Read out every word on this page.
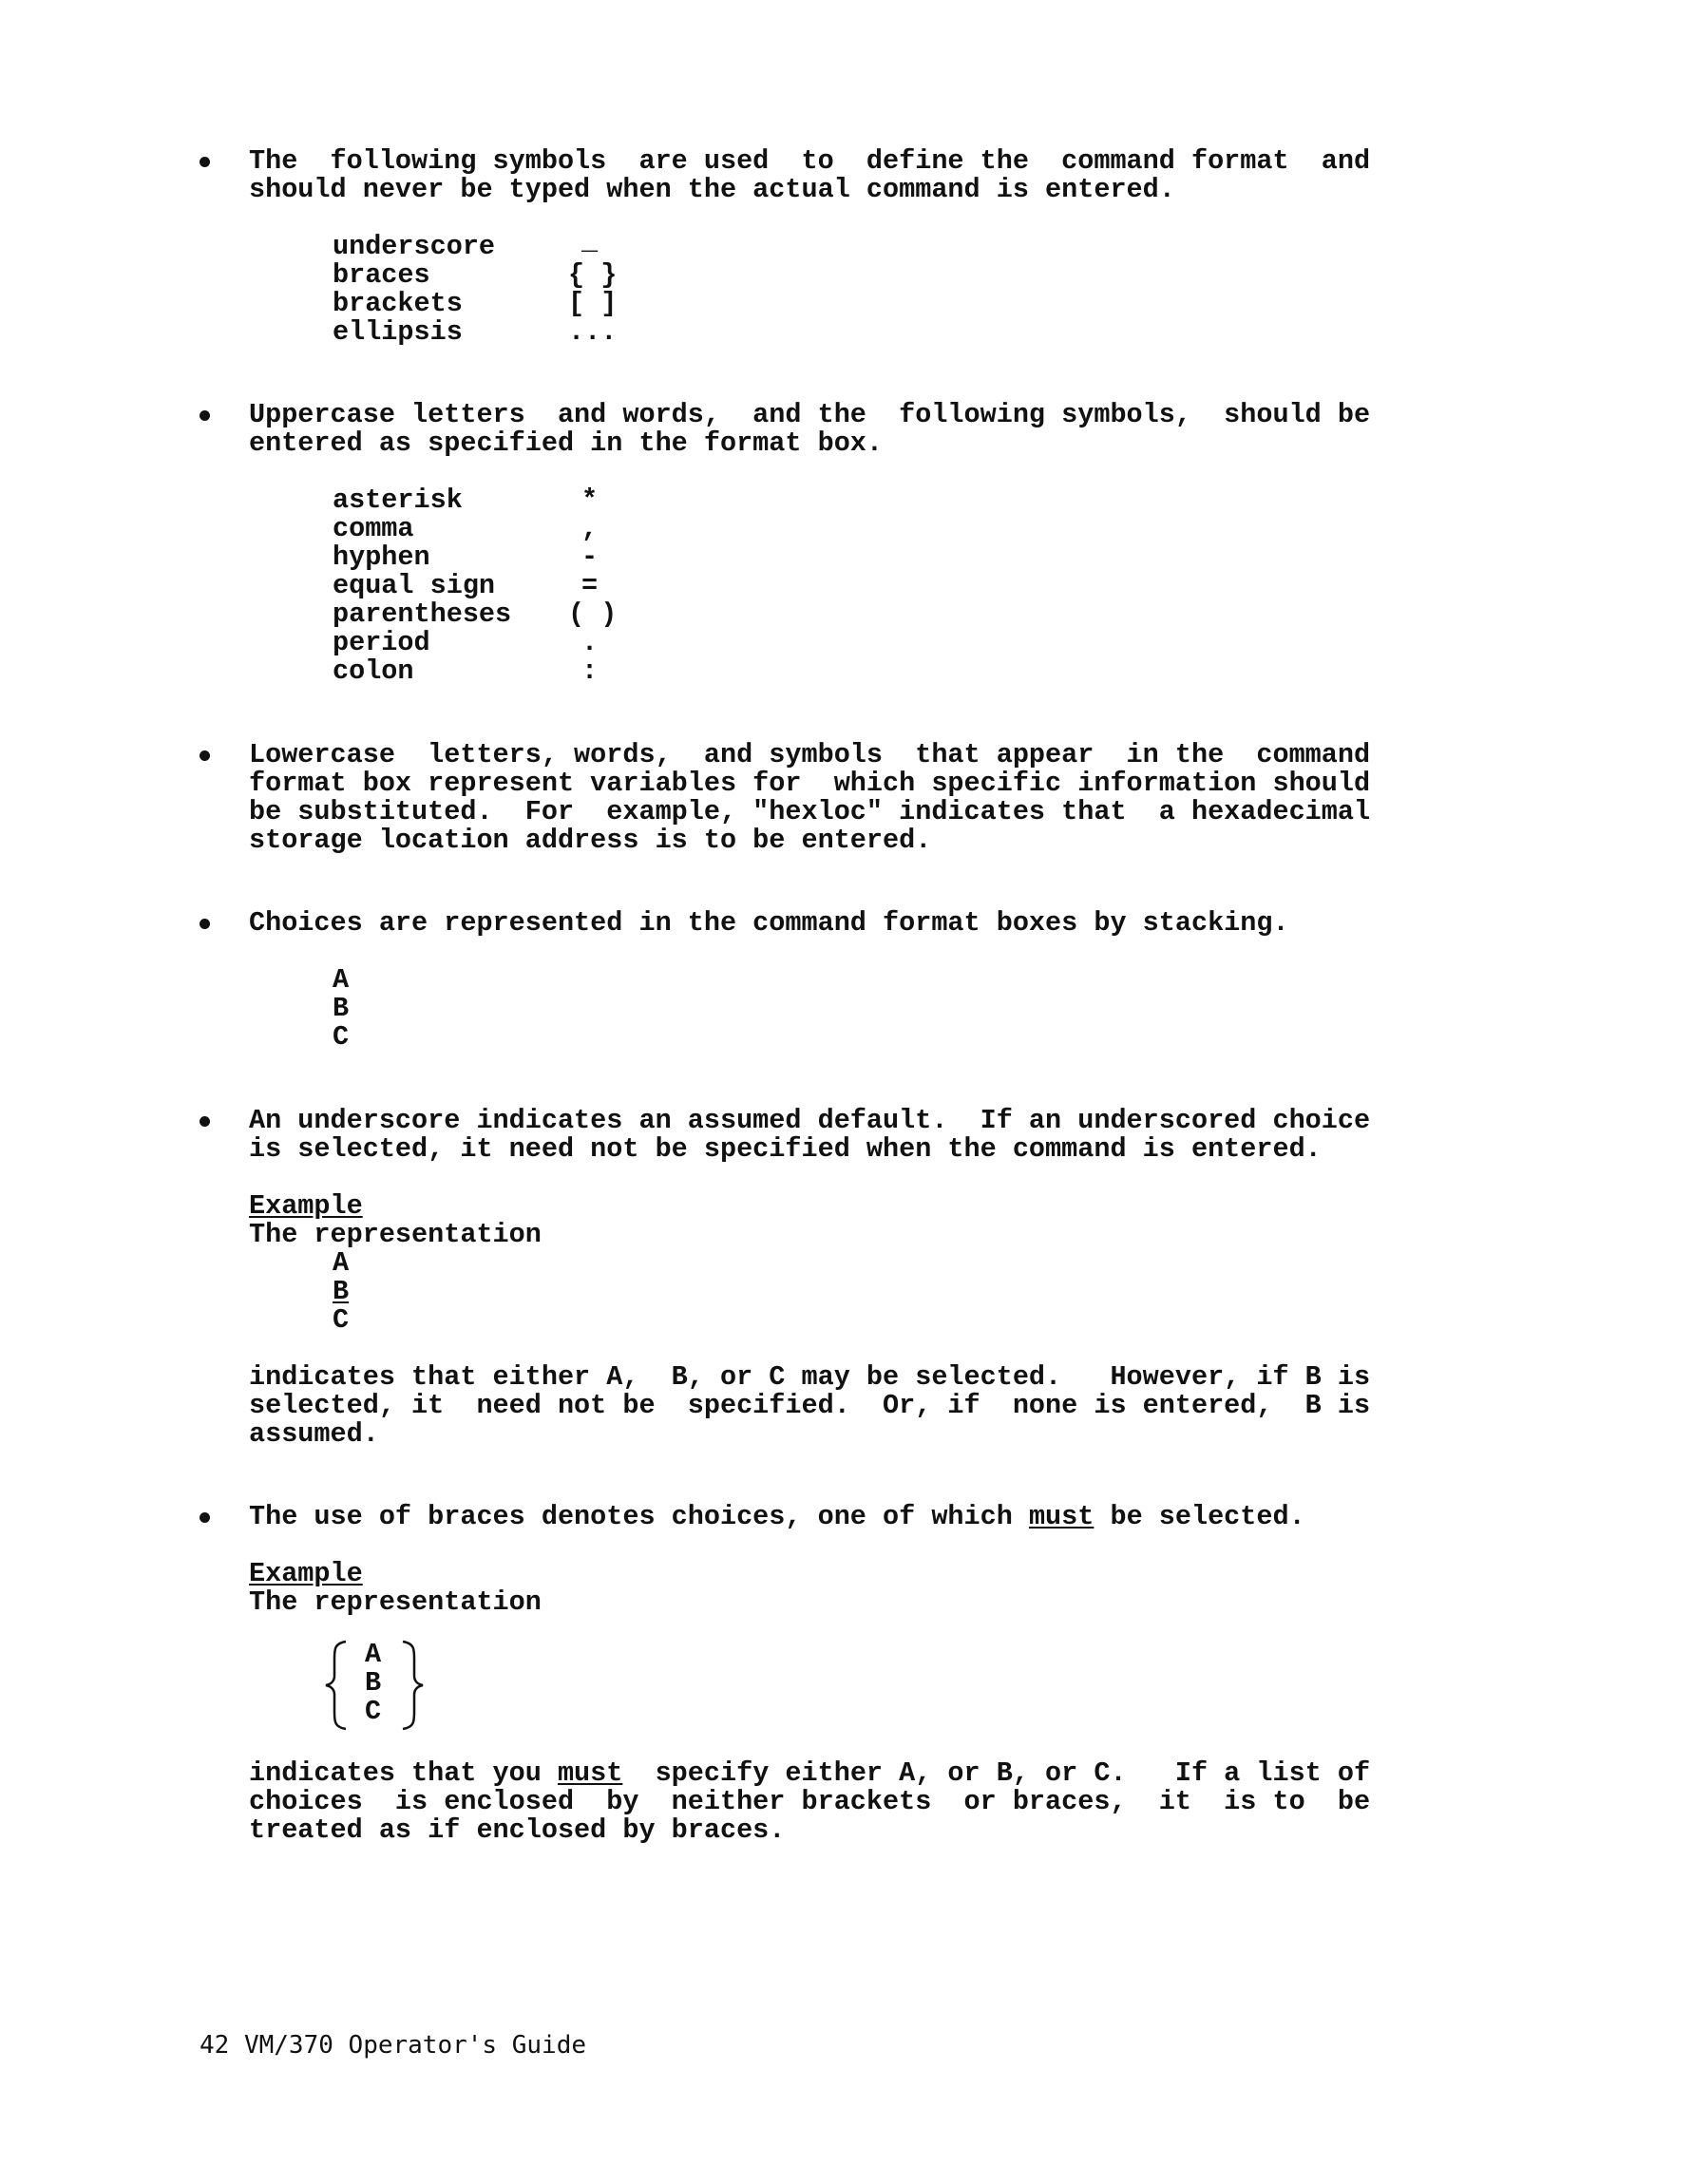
The  following symbols  are used  to  define the  command format  and
should never be typed when the actual command is entered.
underscore	_
braces	{ }
brackets	[ ]
ellipsis	...
Uppercase letters  and words,  and the  following symbols,  should be
entered as specified in the format box.
asterisk	*
comma	,
hyphen	-
equal sign	=
parentheses ( )
period	.
colon	:
Lowercase  letters, words,  and symbols  that appear  in the  command
format box represent variables for  which specific information should
be substituted.  For  example, "hexloc" indicates that  a hexadecimal
storage location address is to be entered.
Choices are represented in the command format boxes by stacking.
A
B
C
An underscore indicates an assumed default.  If an underscored choice
is selected, it need not be specified when the command is entered.
Example
The representation
A
B
C
indicates that either A,  B, or C may be selected.   However, if B is
selected, it  need not be  specified.  Or, if  none is entered,  B is
assumed.
The use of braces denotes choices, one of which must be selected.
Example
The representation
A
B
C
indicates that you must  specify either A, or B, or C.   If a list of
choices  is enclosed  by  neither brackets  or braces,  it  is to  be
treated as if enclosed by braces.
42 VM/370 Operator's Guide
